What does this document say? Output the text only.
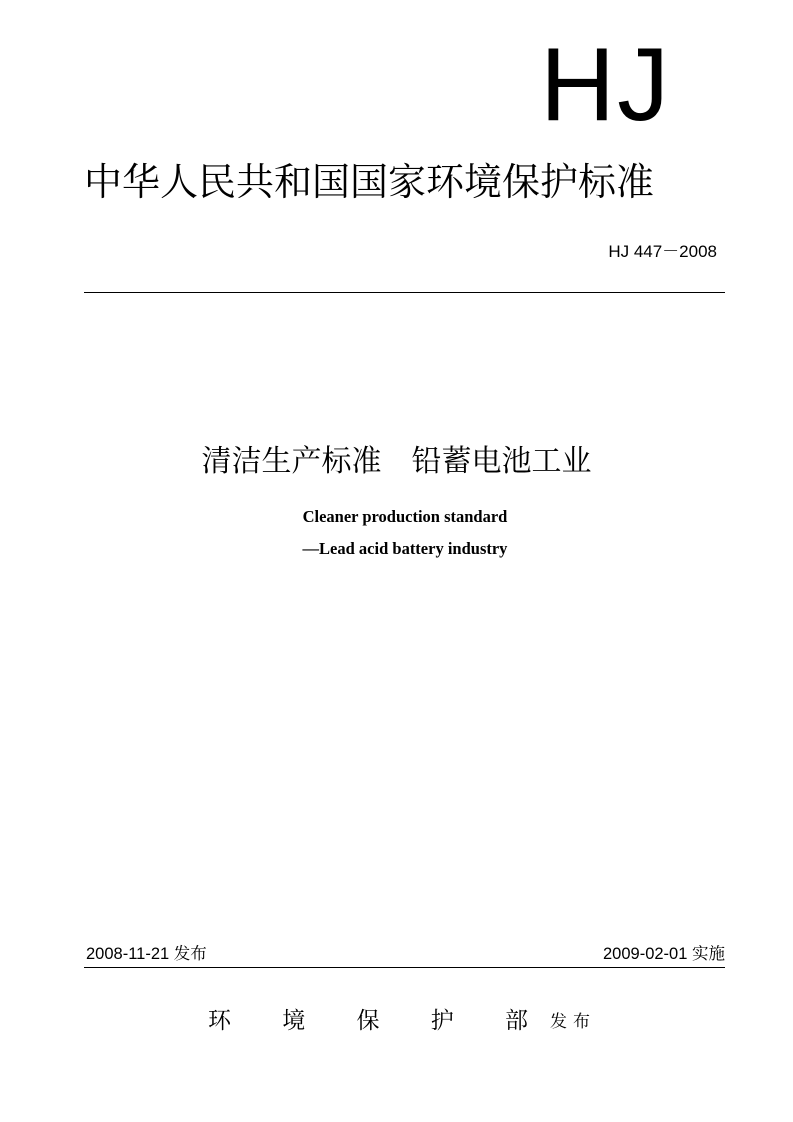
HJ
中华人民共和国国家环境保护标准
HJ 447－2008
清洁生产标准　铅蓄电池工业
Cleaner production standard
—Lead acid battery industry
2008-11-21 发布	2009-02-01 实施
环 境 保 护 部 发布
